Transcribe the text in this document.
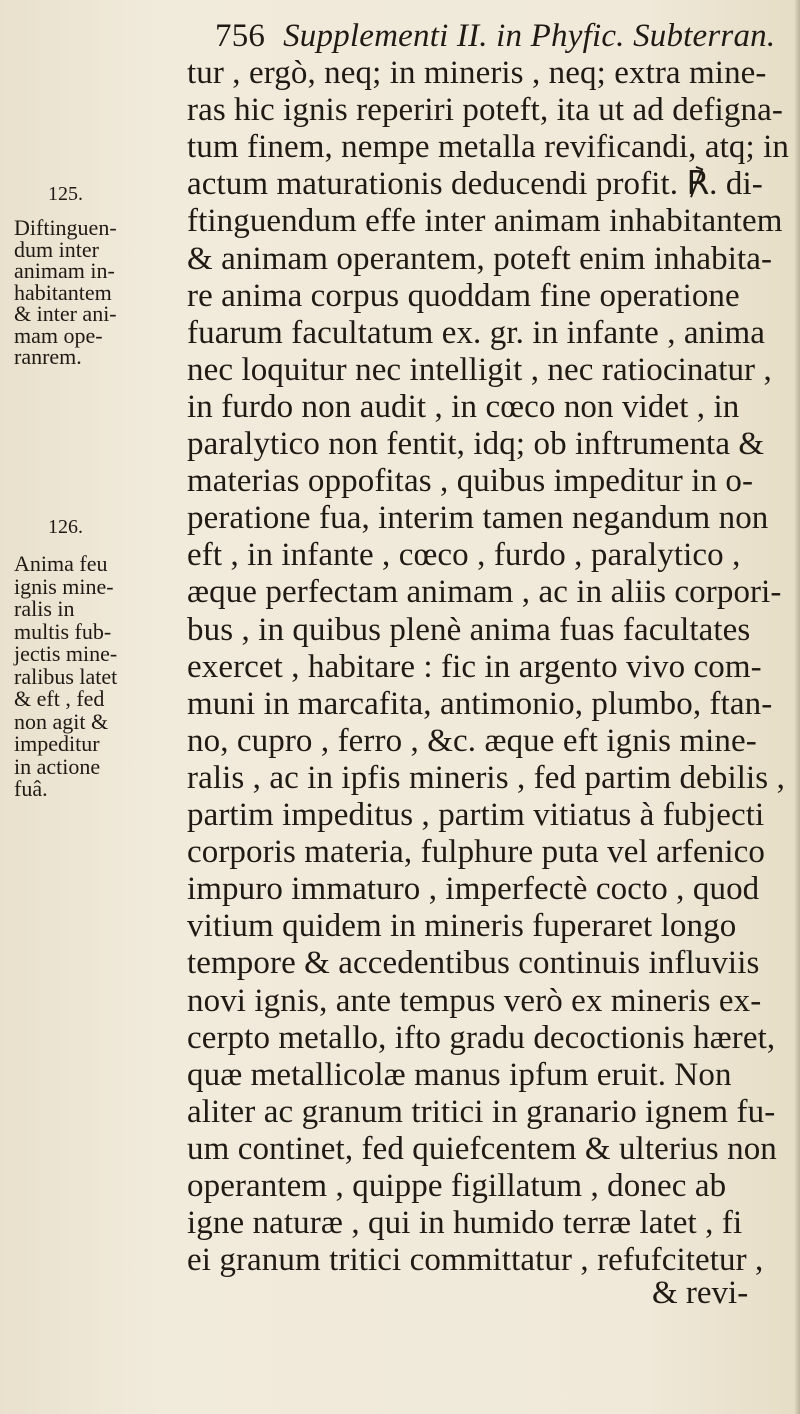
756 Supplementi II. in Phyfic. Subterran.
tur , ergò, neq; in mineris , neq; extra mine-
ras hic ignis reperiri poteft, ita ut ad defigna-
tum finem, nempe metalla revificandi, atq; in
actum maturationis deducendi profit. ℟. di-
ftinguendum effe inter animam inhabitantem
& animam operantem, poteft enim inhabita-
re anima corpus quoddam fine operatione
fuarum facultatum ex. gr. in infante , anima
nec loquitur nec intelligit , nec ratiocinatur ,
in furdo non audit , in cœco non videt , in
paralytico non fentit, idq; ob inftrumenta &
materias oppofitas , quibus impeditur in o-
peratione fua, interim tamen negandum non
eft , in infante , cœco , furdo , paralytico ,
æque perfectam animam , ac in aliis corpori-
bus , in quibus plenè anima fuas facultates
exercet , habitare : fic in argento vivo com-
muni in marcafita, antimonio, plumbo, ftan-
no, cupro , ferro , &c. æque eft ignis mine-
ralis , ac in ipfis mineris , fed partim debilis ,
partim impeditus , partim vitiatus à fubjecti
corporis materia, fulphure puta vel arfenico
impuro immaturo , imperfectè cocto , quod
vitium quidem in mineris fuperaret longo
tempore & accedentibus continuis influviis
novi ignis, ante tempus verò ex mineris ex-
cerpto metallo, ifto gradu decoctionis hæret,
quæ metallicolæ manus ipfum eruit. Non
aliter ac granum tritici in granario ignem fu-
um continet, fed quiefcentem & ulterius non
operantem , quippe figillatum , donec ab
igne naturæ , qui in humido terræ latet , fi
ei granum tritici committatur , refufcitetur ,
& revi-
125.
Diftinguen-
dum inter
animam in-
habitantem
& inter ani-
mam ope-
ranrem.
126.
Anima feu
ignis mine-
ralis in
multis fub-
jectis mine-
ralibus latet
& eft , fed
non agit &
impeditur
in actione
fuâ.
